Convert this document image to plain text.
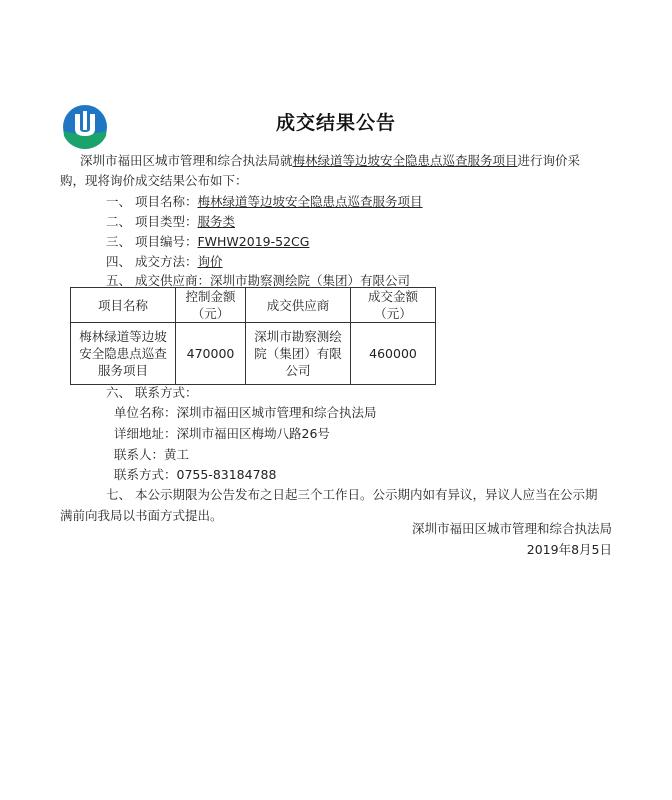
成交结果公告
深圳市福田区城市管理和综合执法局就梅林绿道等边坡安全隐患点巡查服务项目进行询价采
购，现将询价成交结果公布如下：
一、 项目名称：梅林绿道等边坡安全隐患点巡查服务项目
二、 项目类型：服务类
三、 项目编号：FWHW2019-52CG
四、 成交方法：询价
五、 成交供应商：深圳市勘察测绘院（集团）有限公司
项目名称	控制金额（元）	成交供应商	成交金额（元）
梅林绿道等边坡安全隐患点巡查服务项目	470000	深圳市勘察测绘院（集团）有限公司	460000
六、 联系方式：
单位名称：深圳市福田区城市管理和综合执法局
详细地址：深圳市福田区梅坳八路26号
联系人：黄工
联系方式：0755-83184788
七、 本公示期限为公告发布之日起三个工作日。公示期内如有异议，异议人应当在公示期
满前向我局以书面方式提出。
深圳市福田区城市管理和综合执法局
2019年8月5日
